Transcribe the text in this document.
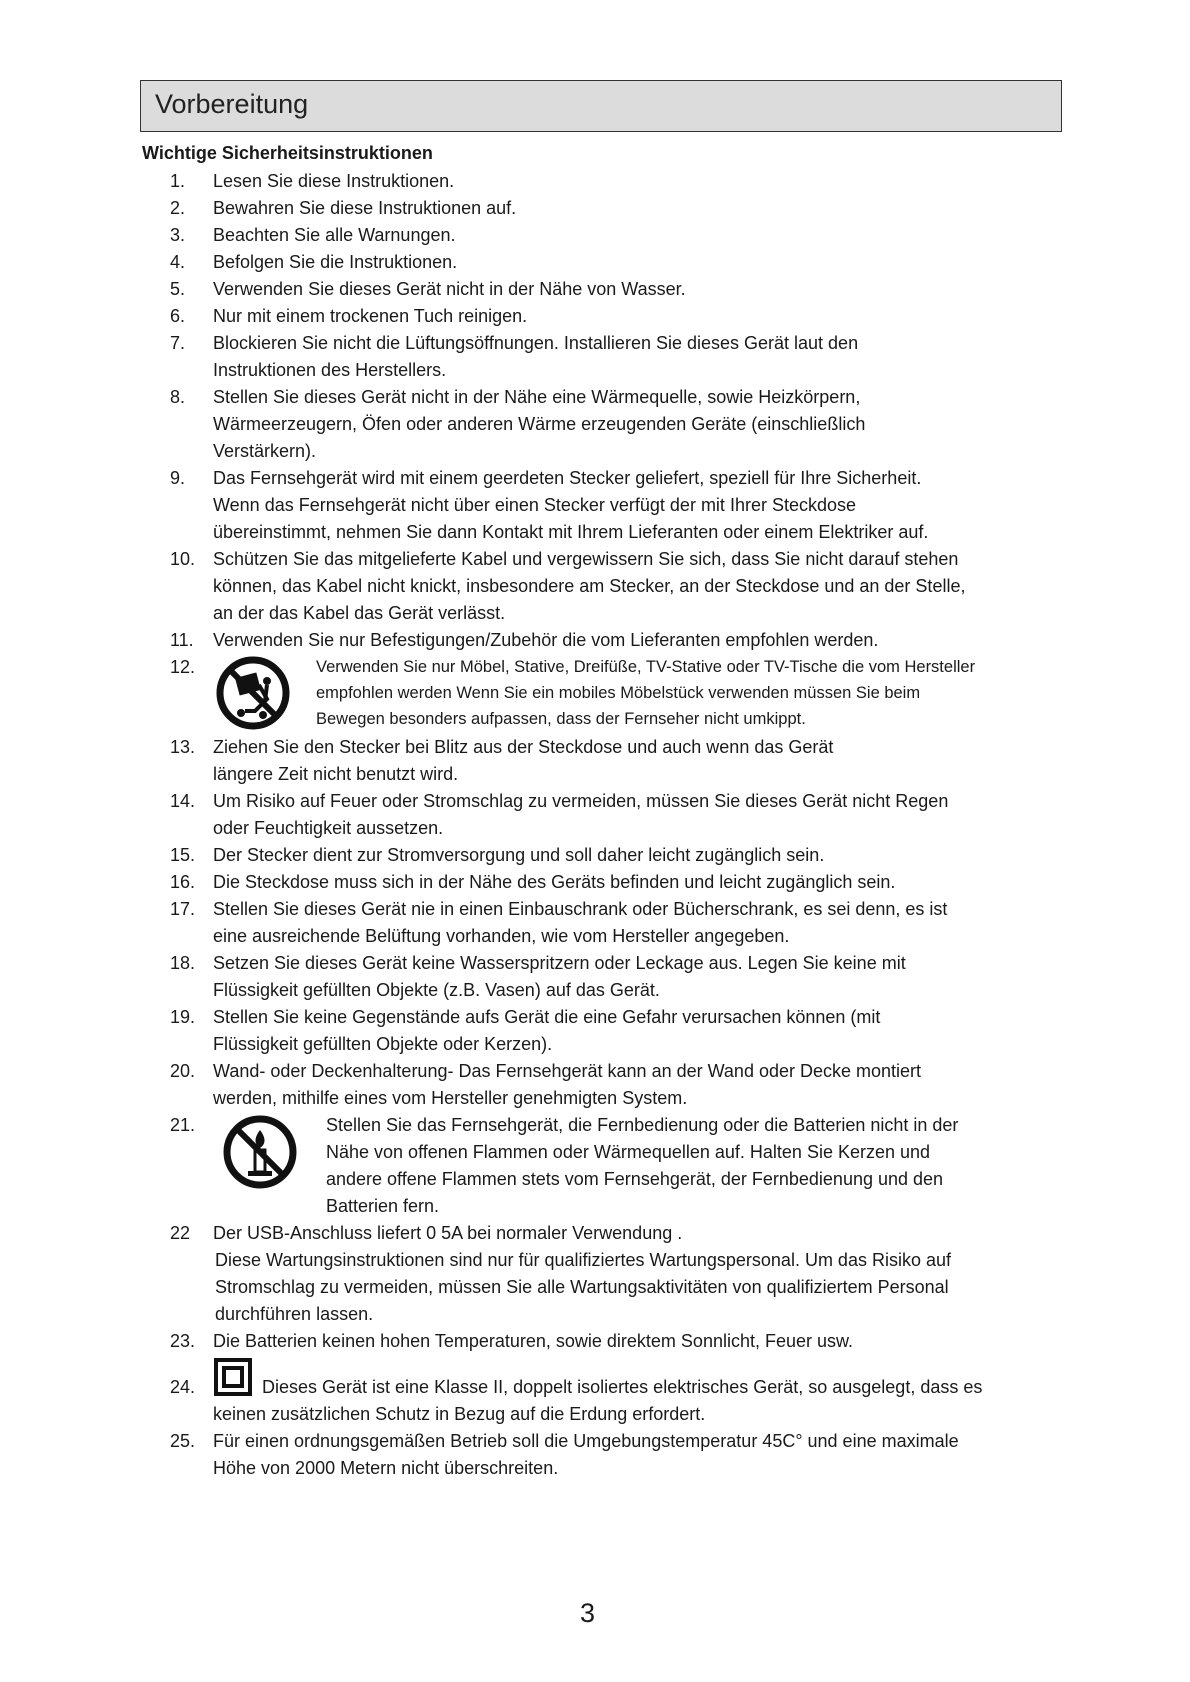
Vorbereitung
Wichtige Sicherheitsinstruktionen
1. Lesen Sie diese Instruktionen.
2. Bewahren Sie diese Instruktionen auf.
3. Beachten Sie alle Warnungen.
4. Befolgen Sie die Instruktionen.
5. Verwenden Sie dieses Gerät nicht in der Nähe von Wasser.
6. Nur mit einem trockenen Tuch reinigen.
7. Blockieren Sie nicht die Lüftungsöffnungen. Installieren Sie dieses Gerät laut den
Instruktionen des Herstellers.
8. Stellen Sie dieses Gerät nicht in der Nähe eine Wärmequelle, sowie Heizkörpern,
Wärmeerzeugern, Öfen oder anderen Wärme erzeugenden Geräte (einschließlich
Verstärkern).
9. Das Fernsehgerät wird mit einem geerdeten Stecker geliefert, speziell für Ihre Sicherheit.
Wenn das Fernsehgerät nicht über einen Stecker verfügt der mit Ihrer Steckdose
übereinstimmt, nehmen Sie dann Kontakt mit Ihrem Lieferanten oder einem Elektriker auf.
10. Schützen Sie das mitgelieferte Kabel und vergewissern Sie sich, dass Sie nicht darauf stehen
können, das Kabel nicht knickt, insbesondere am Stecker, an der Steckdose und an der Stelle,
an der das Kabel das Gerät verlässt.
11. Verwenden Sie nur Befestigungen/Zubehör die vom Lieferanten empfohlen werden.
12.	Verwenden Sie nur Möbel, Stative, Dreifüße, TV-Stative oder TV-Tische die vom Hersteller
empfohlen werden Wenn Sie ein mobiles Möbelstück verwenden müssen Sie beim
Bewegen besonders aufpassen, dass der Fernseher nicht umkippt.
13. Ziehen Sie den Stecker bei Blitz aus der Steckdose und auch wenn das Gerät
längere Zeit nicht benutzt wird.
14. Um Risiko auf Feuer oder Stromschlag zu vermeiden, müssen Sie dieses Gerät nicht Regen
oder Feuchtigkeit aussetzen.
15. Der Stecker dient zur Stromversorgung und soll daher leicht zugänglich sein.
16. Die Steckdose muss sich in der Nähe des Geräts befinden und leicht zugänglich sein.
17. Stellen Sie dieses Gerät nie in einen Einbauschrank oder Bücherschrank, es sei denn, es ist
eine ausreichende Belüftung vorhanden, wie vom Hersteller angegeben.
18. Setzen Sie dieses Gerät keine Wasserspritzern oder Leckage aus. Legen Sie keine mit
Flüssigkeit gefüllten Objekte (z.B. Vasen) auf das Gerät.
19. Stellen Sie keine Gegenstände aufs Gerät die eine Gefahr verursachen können (mit
Flüssigkeit gefüllten Objekte oder Kerzen).
20. Wand- oder Deckenhalterung- Das Fernsehgerät kann an der Wand oder Decke montiert
werden, mithilfe eines vom Hersteller genehmigten System.
21.	Stellen Sie das Fernsehgerät, die Fernbedienung oder die Batterien nicht in der
Nähe von offenen Flammen oder Wärmequellen auf. Halten Sie Kerzen und
andere offene Flammen stets vom Fernsehgerät, der Fernbedienung und den
Batterien fern.
22 Der USB-Anschluss liefert 0 5A bei normaler Verwendung .
Diese Wartungsinstruktionen sind nur für qualifiziertes Wartungspersonal. Um das Risiko auf
Stromschlag zu vermeiden, müssen Sie alle Wartungsaktivitäten von qualifiziertem Personal
durchführen lassen.
23. Die Batterien keinen hohen Temperaturen, sowie direktem Sonnlicht, Feuer usw.
24.	Dieses Gerät ist eine Klasse II, doppelt isoliertes elektrisches Gerät, so ausgelegt, dass es
keinen zusätzlichen Schutz in Bezug auf die Erdung erfordert.
25. Für einen ordnungsgemäßen Betrieb soll die Umgebungstemperatur 45C° und eine maximale
Höhe von 2000 Metern nicht überschreiten.
3
